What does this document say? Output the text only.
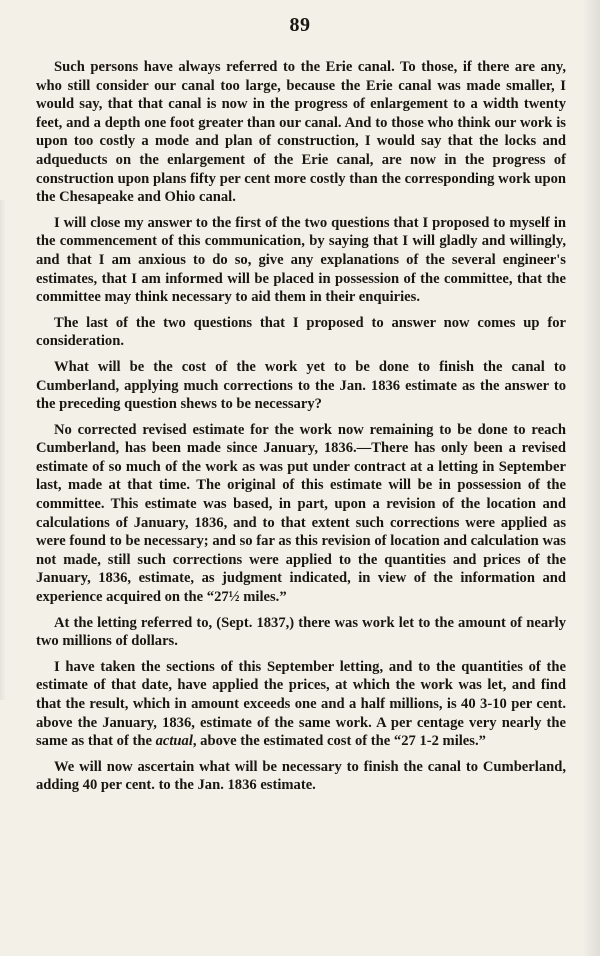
89

Such persons have always referred to the Erie canal. To those, if there are any, who still consider our canal too large, because the Erie canal was made smaller, I would say, that that canal is now in the progress of enlargement to a width twenty feet, and a depth one foot greater than our canal. And to those who think our work is upon too costly a mode and plan of construction, I would say that the locks and adqueducts on the enlargement of the Erie canal, are now in the progress of construction upon plans fifty per cent more costly than the corresponding work upon the Chesapeake and Ohio canal.

I will close my answer to the first of the two questions that I proposed to myself in the commencement of this communication, by saying that I will gladly and willingly, and that I am anxious to do so, give any explanations of the several engineer's estimates, that I am informed will be placed in possession of the committee, that the committee may think necessary to aid them in their enquiries.

The last of the two questions that I proposed to answer now comes up for consideration.

What will be the cost of the work yet to be done to finish the canal to Cumberland, applying much corrections to the Jan. 1836 estimate as the answer to the preceding question shews to be necessary?

No corrected revised estimate for the work now remaining to be done to reach Cumberland, has been made since January, 1836.—There has only been a revised estimate of so much of the work as was put under contract at a letting in September last, made at that time. The original of this estimate will be in possession of the committee. This estimate was based, in part, upon a revision of the location and calculations of January, 1836, and to that extent such corrections were applied as were found to be necessary; and so far as this revision of location and calculation was not made, still such corrections were applied to the quantities and prices of the January, 1836, estimate, as judgment indicated, in view of the information and experience acquired on the “27½ miles.”

At the letting referred to, (Sept. 1837,) there was work let to the amount of nearly two millions of dollars.

I have taken the sections of this September letting, and to the quantities of the estimate of that date, have applied the prices, at which the work was let, and find that the result, which in amount exceeds one and a half millions, is 40 3-10 per cent. above the January, 1836, estimate of the same work. A per centage very nearly the same as that of the actual, above the estimated cost of the “27 1-2 miles.”

We will now ascertain what will be necessary to finish the canal to Cumberland, adding 40 per cent. to the Jan. 1836 estimate.
